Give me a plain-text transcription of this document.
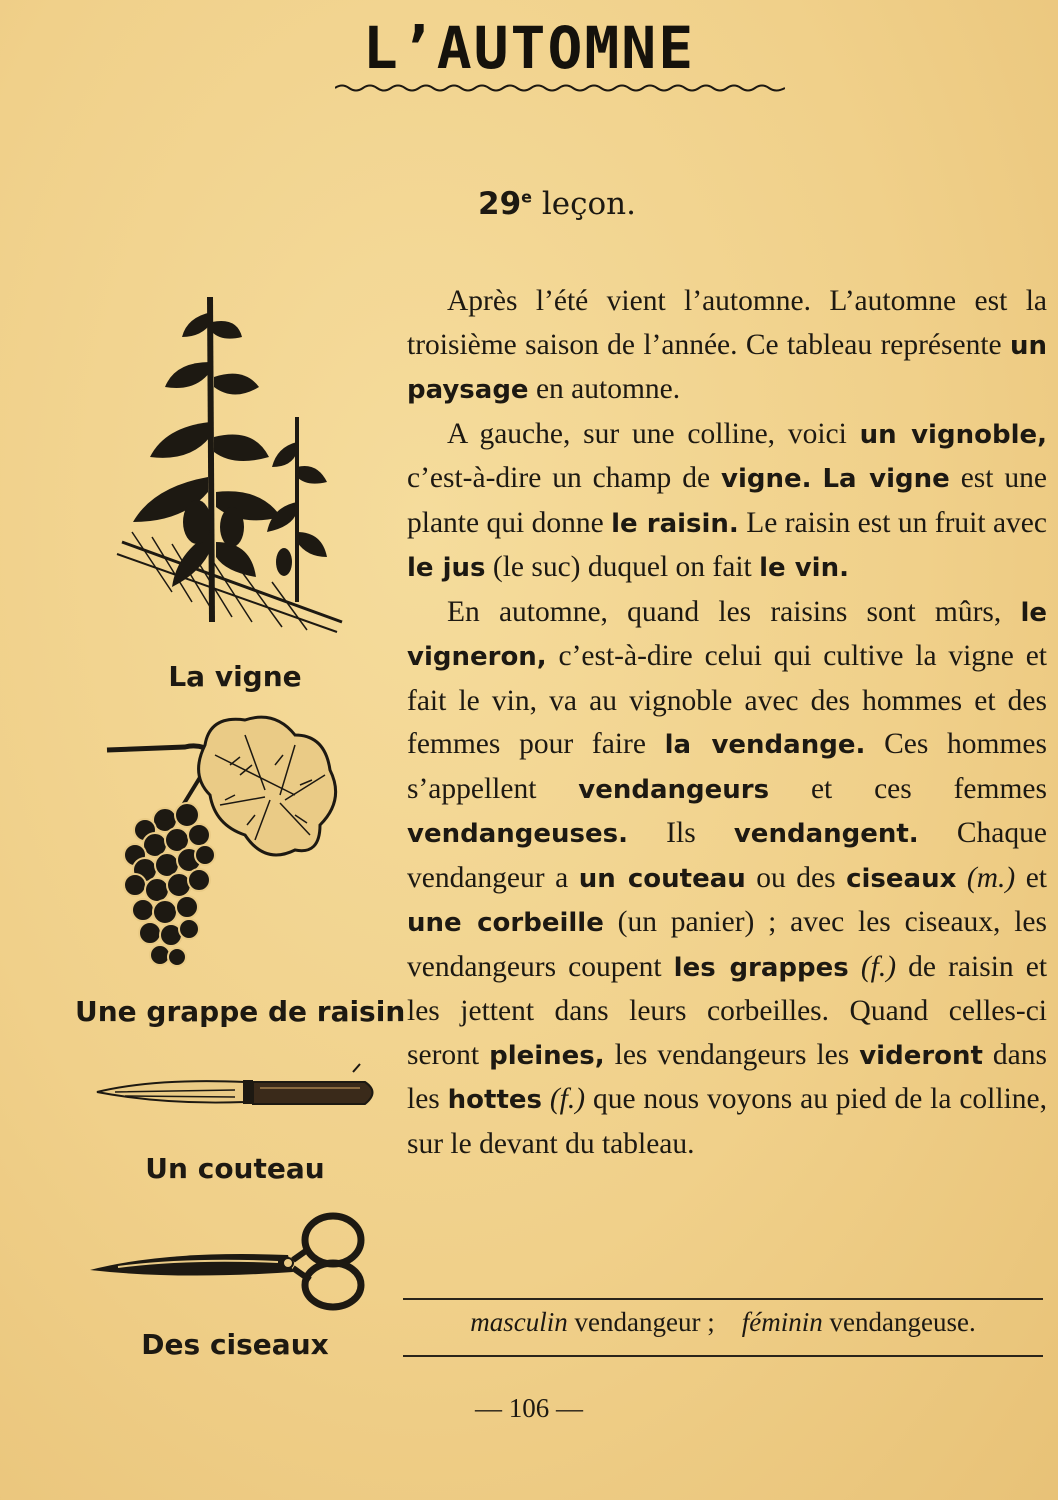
L’AUTOMNE
29e leçon.

Après l’été vient l’automne. L’automne est la troisième saison de l’année. Ce tableau représente un paysage en automne.

A gauche, sur une colline, voici un vignoble, c’est-à-dire un champ de vigne. La vigne est une plante qui donne le raisin. Le raisin est un fruit avec le jus (le suc) duquel on fait le vin.

En automne, quand les raisins sont mûrs, le vigneron, c’est-à-dire celui qui cultive la vigne et fait le vin, va au vignoble avec des hommes et des femmes pour faire la vendange. Ces hommes s’appellent vendangeurs et ces femmes vendangeuses. Ils vendangent. Chaque vendangeur a un couteau ou des ciseaux (m.) et une corbeille (un panier) ; avec les ciseaux, les vendangeurs coupent les grappes (f.) de raisin et les jettent dans leurs corbeilles. Quand celles-ci seront pleines, les vendangeurs les videront dans les hottes (f.) que nous voyons au pied de la colline, sur le devant du tableau.

masculin vendangeur ; féminin vendangeuse.
— 106 —
La vigne
Une grappe de raisin
Un couteau
Des ciseaux
